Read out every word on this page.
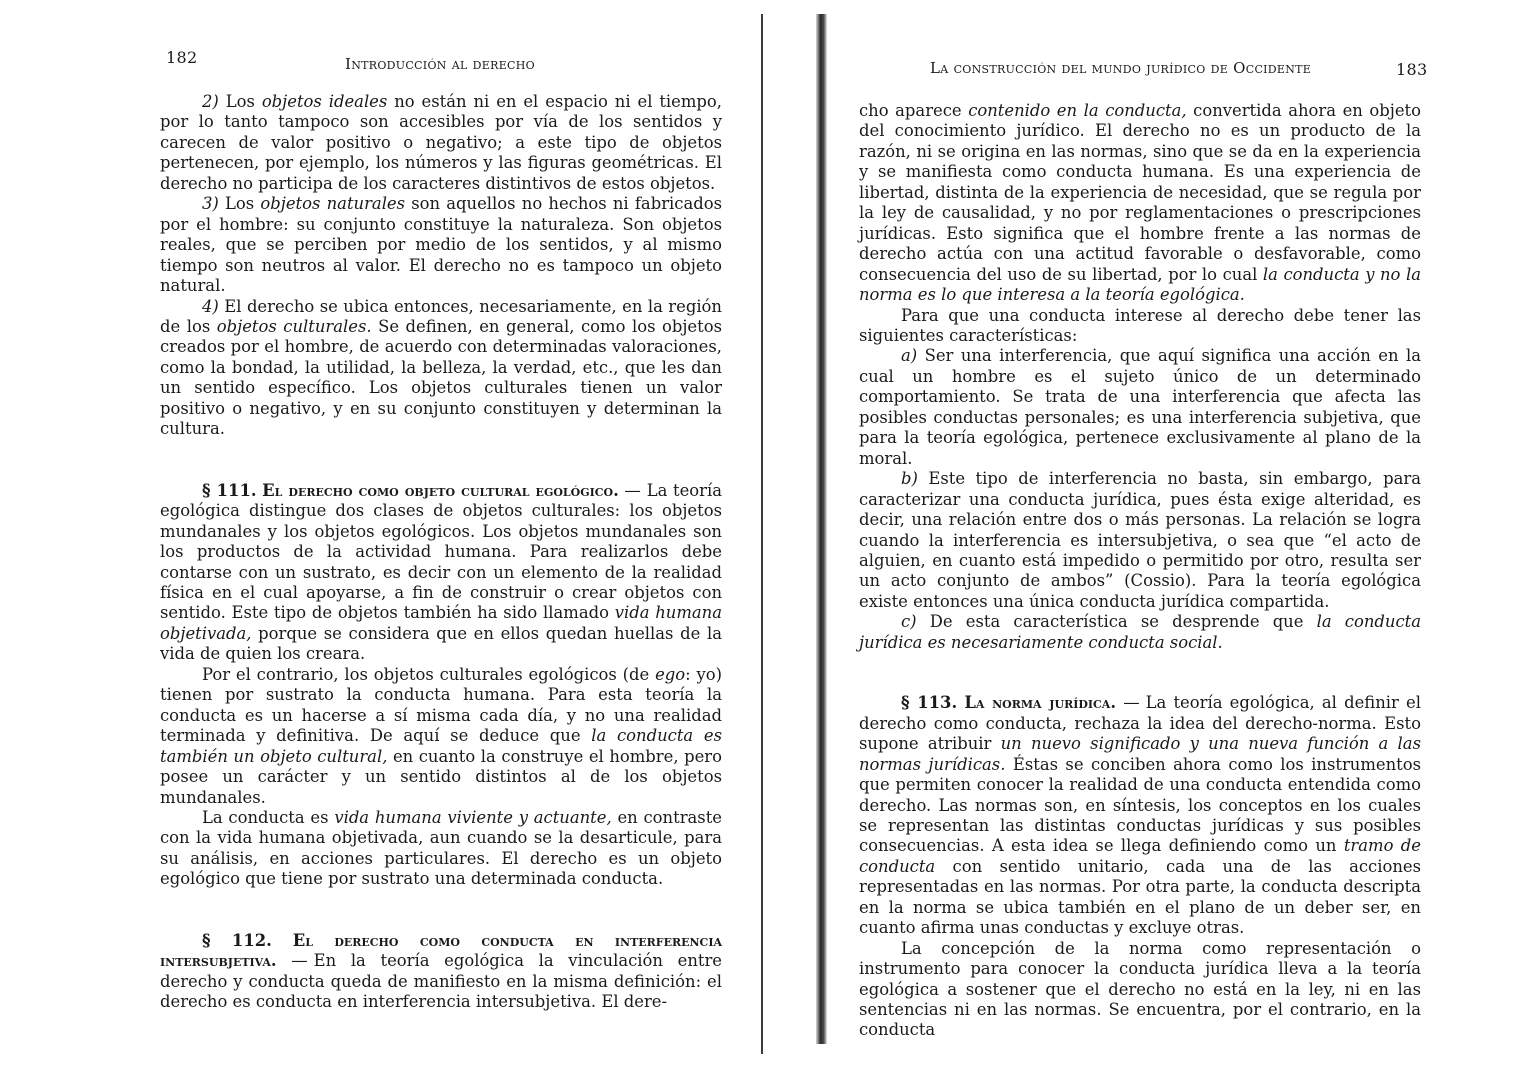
182	Introducción al derecho

2) Los objetos ideales no están ni en el espacio ni el tiempo, por lo tanto tampoco son accesibles por vía de los sentidos y carecen de valor positivo o negativo; a este tipo de objetos pertenecen, por ejemplo, los números y las figuras geométricas. El derecho no participa de los caracteres distintivos de estos objetos.

3) Los objetos naturales son aquellos no hechos ni fabricados por el hombre: su conjunto constituye la naturaleza. Son objetos reales, que se perciben por medio de los sentidos, y al mismo tiempo son neutros al valor. El derecho no es tampoco un objeto natural.

4) El derecho se ubica entonces, necesariamente, en la región de los objetos culturales. Se definen, en general, como los objetos creados por el hombre, de acuerdo con determinadas valoraciones, como la bondad, la utilidad, la belleza, la verdad, etc., que les dan un sentido específico. Los objetos culturales tienen un valor positivo o negativo, y en su conjunto constituyen y determinan la cultura.

§ 111. El derecho como objeto cultural egológico. — La teoría egológica distingue dos clases de objetos culturales: los objetos mundanales y los objetos egológicos. Los objetos mundanales son los productos de la actividad humana. Para realizarlos debe contarse con un sustrato, es decir con un elemento de la realidad física en el cual apoyarse, a fin de construir o crear objetos con sentido. Este tipo de objetos también ha sido llamado vida humana objetivada, porque se considera que en ellos quedan huellas de la vida de quien los creara.

Por el contrario, los objetos culturales egológicos (de ego: yo) tienen por sustrato la conducta humana. Para esta teoría la conducta es un hacerse a sí misma cada día, y no una realidad terminada y definitiva. De aquí se deduce que la conducta es también un objeto cultural, en cuanto la construye el hombre, pero posee un carácter y un sentido distintos al de los objetos mundanales.

La conducta es vida humana viviente y actuante, en contraste con la vida humana objetivada, aun cuando se la desarticule, para su análisis, en acciones particulares. El derecho es un objeto egológico que tiene por sustrato una determinada conducta.

§ 112. El derecho como conducta en interferencia intersubjetiva. — En la teoría egológica la vinculación entre derecho y conducta queda de manifiesto en la misma definición: el derecho es conducta en interferencia intersubjetiva. El dere-

La construcción del mundo jurídico de Occidente	183

cho aparece contenido en la conducta, convertida ahora en objeto del conocimiento jurídico. El derecho no es un producto de la razón, ni se origina en las normas, sino que se da en la experiencia y se manifiesta como conducta humana. Es una experiencia de libertad, distinta de la experiencia de necesidad, que se regula por la ley de causalidad, y no por reglamentaciones o prescripciones jurídicas. Esto significa que el hombre frente a las normas de derecho actúa con una actitud favorable o desfavorable, como consecuencia del uso de su libertad, por lo cual la conducta y no la norma es lo que interesa a la teoría egológica.

Para que una conducta interese al derecho debe tener las siguientes características:

a) Ser una interferencia, que aquí significa una acción en la cual un hombre es el sujeto único de un determinado comportamiento. Se trata de una interferencia que afecta las posibles conductas personales; es una interferencia subjetiva, que para la teoría egológica, pertenece exclusivamente al plano de la moral.

b) Este tipo de interferencia no basta, sin embargo, para caracterizar una conducta jurídica, pues ésta exige alteridad, es decir, una relación entre dos o más personas. La relación se logra cuando la interferencia es intersubjetiva, o sea que “el acto de alguien, en cuanto está impedido o permitido por otro, resulta ser un acto conjunto de ambos” (Cossio). Para la teoría egológica existe entonces una única conducta jurídica compartida.

c) De esta característica se desprende que la conducta jurídica es necesariamente conducta social.

§ 113. La norma jurídica. — La teoría egológica, al definir el derecho como conducta, rechaza la idea del derecho-norma. Esto supone atribuir un nuevo significado y una nueva función a las normas jurídicas. Éstas se conciben ahora como los instrumentos que permiten conocer la realidad de una conducta entendida como derecho. Las normas son, en síntesis, los conceptos en los cuales se representan las distintas conductas jurídicas y sus posibles consecuencias. A esta idea se llega definiendo como un tramo de conducta con sentido unitario, cada una de las acciones representadas en las normas. Por otra parte, la conducta descripta en la norma se ubica también en el plano de un deber ser, en cuanto afirma unas conductas y excluye otras.

La concepción de la norma como representación o instrumento para conocer la conducta jurídica lleva a la teoría egológica a sostener que el derecho no está en la ley, ni en las sentencias ni en las normas. Se encuentra, por el contrario, en la conducta
